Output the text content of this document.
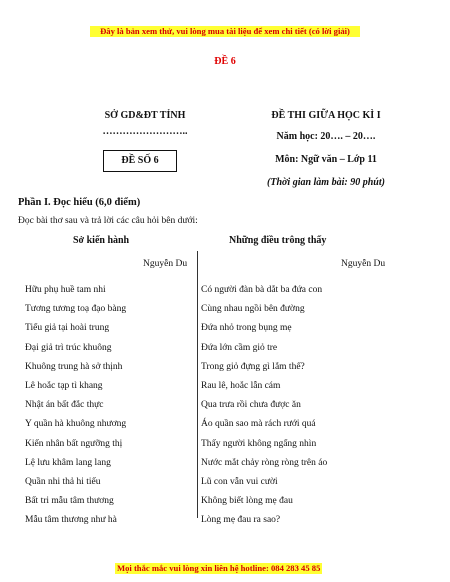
Đây là bản xem thử, vui lòng mua tài liệu để xem chi tiết (có lời giải)
ĐỀ 6
SỞ GD&ĐT TỈNH
……………………..
ĐỀ SỐ 6
ĐỀ THI GIỮA HỌC KÌ I
Năm học: 20…. – 20….
Môn: Ngữ văn – Lớp 11
(Thời gian làm bài: 90 phút)
Phần I. Đọc hiểu (6,0 điểm)
Đọc bài thơ sau và trả lời các câu hỏi bên dưới:
Sở kiến hành	Những điều trông thấy
Nguyễn Du	Nguyễn Du
Hữu phụ huề tam nhi
Tương tương toạ đạo bàng
Tiểu giả tại hoài trung
Đại giả trì trúc khuông
Khuông trung hà sở thịnh
Lê hoắc tạp tì khang
Nhật án bất đắc thực
Y quần hà khuông nhương
Kiến nhân bất ngưỡng thị
Lệ lưu khâm lang lang
Quần nhi thả hi tiếu
Bất tri mẫu tâm thương
Mẫu tâm thương như hà
Có người đàn bà dắt ba đứa con
Cùng nhau ngồi bên đường
Đứa nhỏ trong bụng mẹ
Đứa lớn cầm giỏ tre
Trong giỏ đựng gì lắm thế?
Rau lê, hoắc lẫn cám
Qua trưa rồi chưa được ăn
Áo quần sao mà rách rưới quá
Thấy người không ngẩng nhìn
Nước mắt chảy ròng ròng trên áo
Lũ con vẫn vui cười
Không biết lòng mẹ đau
Lòng mẹ đau ra sao?
Mọi thắc mắc vui lòng xin liên hệ hotline: 084 283 45 85
